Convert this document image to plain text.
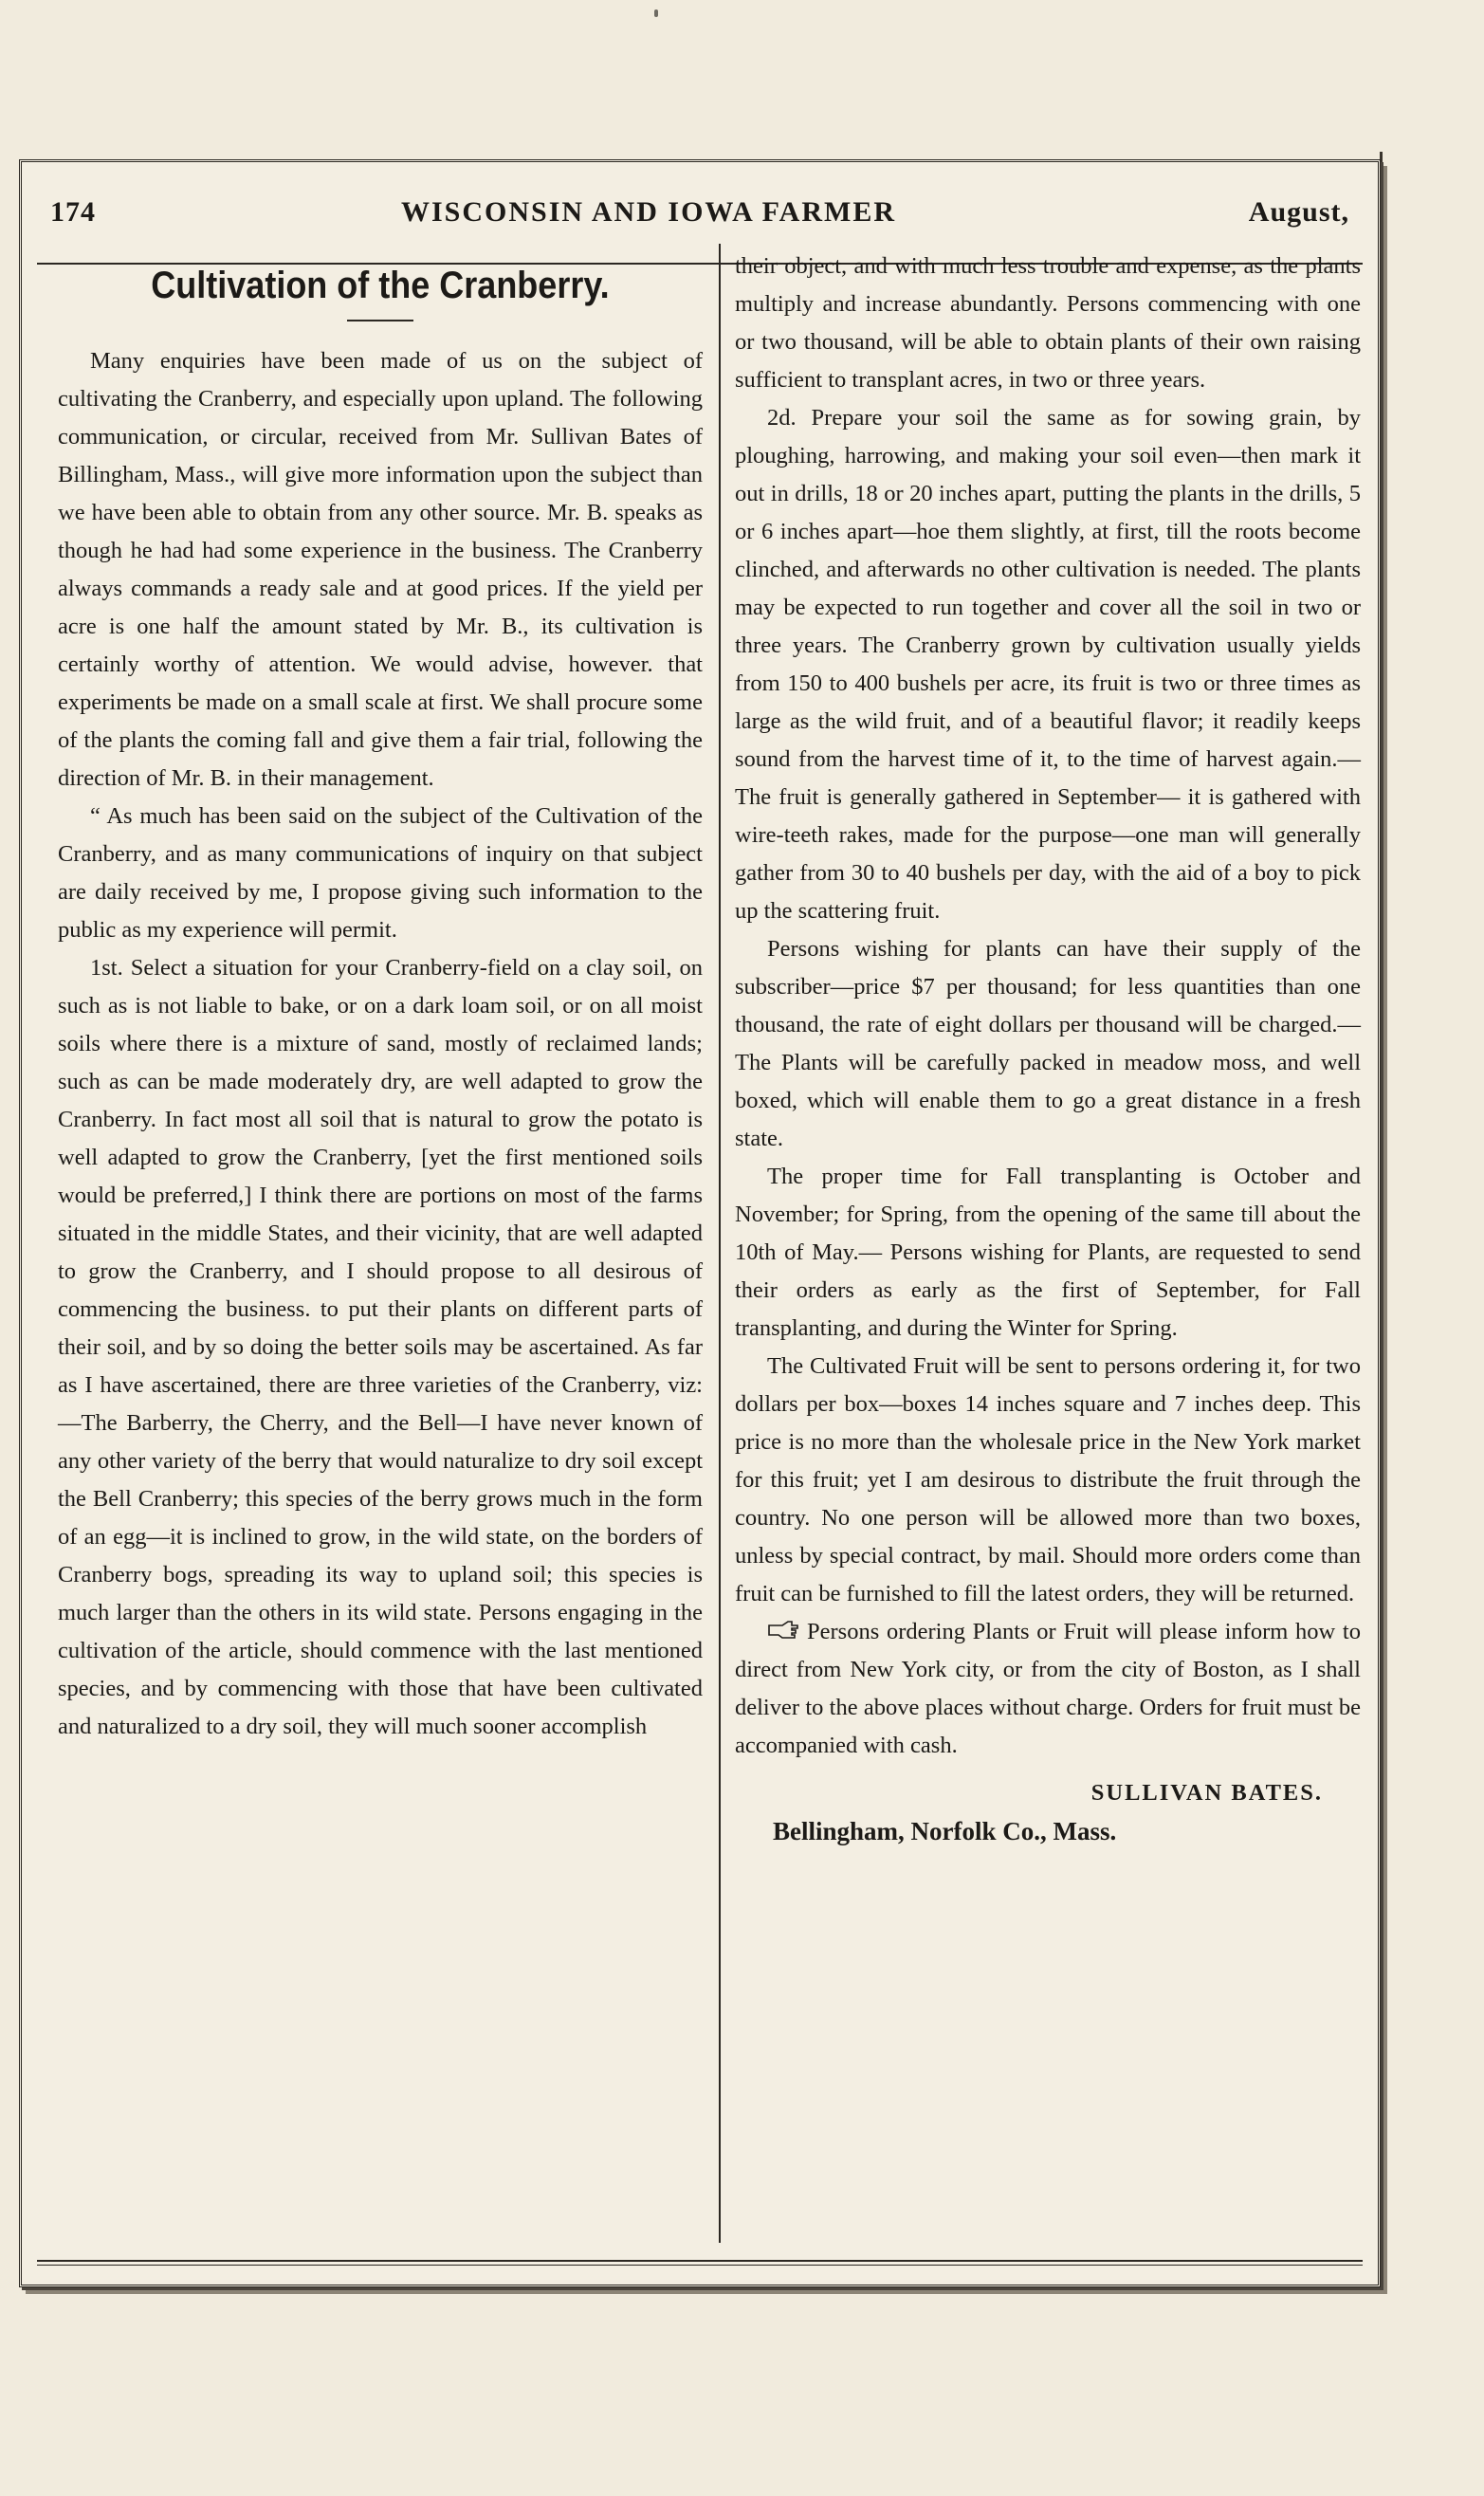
174	WISCONSIN AND IOWA FARMER	August,
Cultivation of the Cranberry.

Many enquiries have been made of us on the subject of cultivating the Cranberry, and especially upon upland. The following communication, or circular, received from Mr. Sullivan Bates of Billingham, Mass., will give more information upon the subject than we have been able to obtain from any other source. Mr. B. speaks as though he had had some experience in the business. The Cranberry always commands a ready sale and at good prices. If the yield per acre is one half the amount stated by Mr. B., its cultivation is certainly worthy of attention. We would advise, however. that experiments be made on a small scale at first. We shall procure some of the plants the coming fall and give them a fair trial, following the direction of Mr. B. in their management.

“ As much has been said on the subject of the Cultivation of the Cranberry, and as many communications of inquiry on that subject are daily received by me, I propose giving such information to the public as my experience will permit.

1st. Select a situation for your Cranberry-field on a clay soil, on such as is not liable to bake, or on a dark loam soil, or on all moist soils where there is a mixture of sand, mostly of reclaimed lands; such as can be made moderately dry, are well adapted to grow the Cranberry. In fact most all soil that is natural to grow the potato is well adapted to grow the Cranberry, [yet the first mentioned soils would be preferred,] I think there are portions on most of the farms situated in the middle States, and their vicinity, that are well adapted to grow the Cranberry, and I should propose to all desirous of commencing the business. to put their plants on different parts of their soil, and by so doing the better soils may be ascertained. As far as I have ascertained, there are three varieties of the Cranberry, viz:—The Barberry, the Cherry, and the Bell—I have never known of any other variety of the berry that would naturalize to dry soil except the Bell Cranberry; this species of the berry grows much in the form of an egg—it is inclined to grow, in the wild state, on the borders of Cranberry bogs, spreading its way to upland soil; this species is much larger than the others in its wild state. Persons engaging in the cultivation of the article, should commence with the last mentioned species, and by commencing with those that have been cultivated and naturalized to a dry soil, they will much sooner accomplish

their object, and with much less trouble and expense, as the plants multiply and increase abundantly. Persons commencing with one or two thousand, will be able to obtain plants of their own raising sufficient to transplant acres, in two or three years.

2d. Prepare your soil the same as for sowing grain, by ploughing, harrowing, and making your soil even—then mark it out in drills, 18 or 20 inches apart, putting the plants in the drills, 5 or 6 inches apart—hoe them slightly, at first, till the roots become clinched, and afterwards no other cultivation is needed. The plants may be expected to run together and cover all the soil in two or three years. The Cranberry grown by cultivation usually yields from 150 to 400 bushels per acre, its fruit is two or three times as large as the wild fruit, and of a beautiful flavor; it readily keeps sound from the harvest time of it, to the time of harvest again.— The fruit is generally gathered in September— it is gathered with wire-teeth rakes, made for the purpose—one man will generally gather from 30 to 40 bushels per day, with the aid of a boy to pick up the scattering fruit.

Persons wishing for plants can have their supply of the subscriber—price $7 per thousand; for less quantities than one thousand, the rate of eight dollars per thousand will be charged.— The Plants will be carefully packed in meadow moss, and well boxed, which will enable them to go a great distance in a fresh state.

The proper time for Fall transplanting is October and November; for Spring, from the opening of the same till about the 10th of May.— Persons wishing for Plants, are requested to send their orders as early as the first of September, for Fall transplanting, and during the Winter for Spring.

The Cultivated Fruit will be sent to persons ordering it, for two dollars per box—boxes 14 inches square and 7 inches deep. This price is no more than the wholesale price in the New York market for this fruit; yet I am desirous to distribute the fruit through the country. No one person will be allowed more than two boxes, unless by special contract, by mail. Should more orders come than fruit can be furnished to fill the latest orders, they will be returned.

Persons ordering Plants or Fruit will please inform how to direct from New York city, or from the city of Boston, as I shall deliver to the above places without charge. Orders for fruit must be accompanied with cash.

SULLIVAN BATES.
Bellingham, Norfolk Co., Mass.
